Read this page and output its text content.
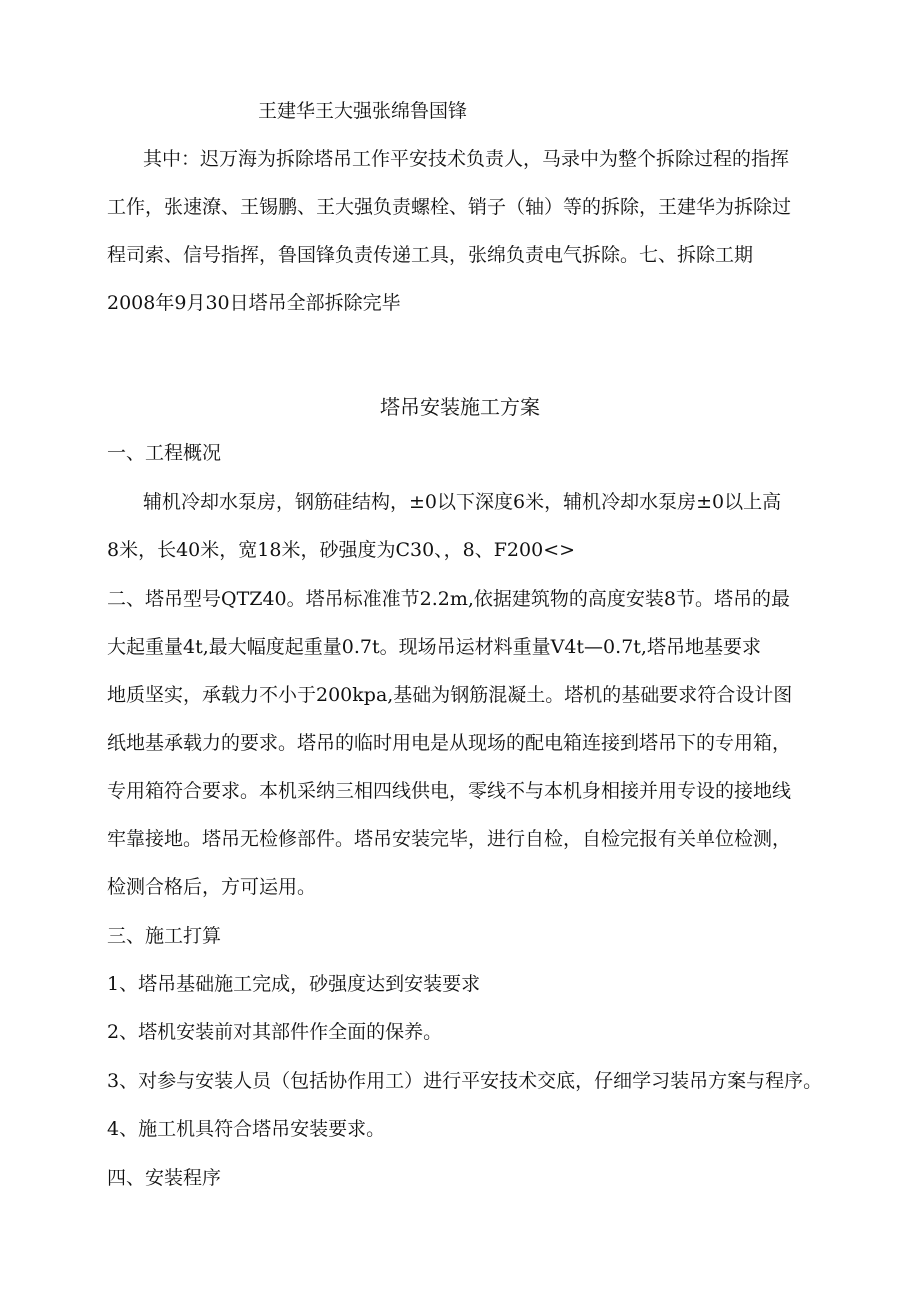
王建华王大强张绵鲁国锋
其中：迟万海为拆除塔吊工作平安技术负责人，马录中为整个拆除过程的指挥
工作，张速潦、王锡鹏、王大强负责螺栓、销子（轴）等的拆除，王建华为拆除过
程司索、信号指挥，鲁国锋负责传递工具，张绵负责电气拆除。七、拆除工期
2008年9月30日塔吊全部拆除完毕
塔吊安装施工方案
一、工程概况
辅机冷却水泵房，钢筋硅结构，±0以下深度6米，辅机冷却水泵房±0以上高
8米，长40米，宽18米，砂强度为C30、，8、F200<>
二、塔吊型号QTZ40。塔吊标准准节2.2m,依据建筑物的高度安装8节。塔吊的最
大起重量4t,最大幅度起重量0.7t。现场吊运材料重量V4t—0.7t,塔吊地基要求
地质坚实，承载力不小于200kpa,基础为钢筋混凝土。塔机的基础要求符合设计图
纸地基承载力的要求。塔吊的临时用电是从现场的配电箱连接到塔吊下的专用箱，
专用箱符合要求。本机采纳三相四线供电，零线不与本机身相接并用专设的接地线
牢靠接地。塔吊无检修部件。塔吊安装完毕，进行自检，自检完报有关单位检测，
检测合格后，方可运用。
三、施工打算
1、塔吊基础施工完成，砂强度达到安装要求
2、塔机安装前对其部件作全面的保养。
3、对参与安装人员（包括协作用工）进行平安技术交底，仔细学习装吊方案与程序。
4、施工机具符合塔吊安装要求。
四、安装程序
